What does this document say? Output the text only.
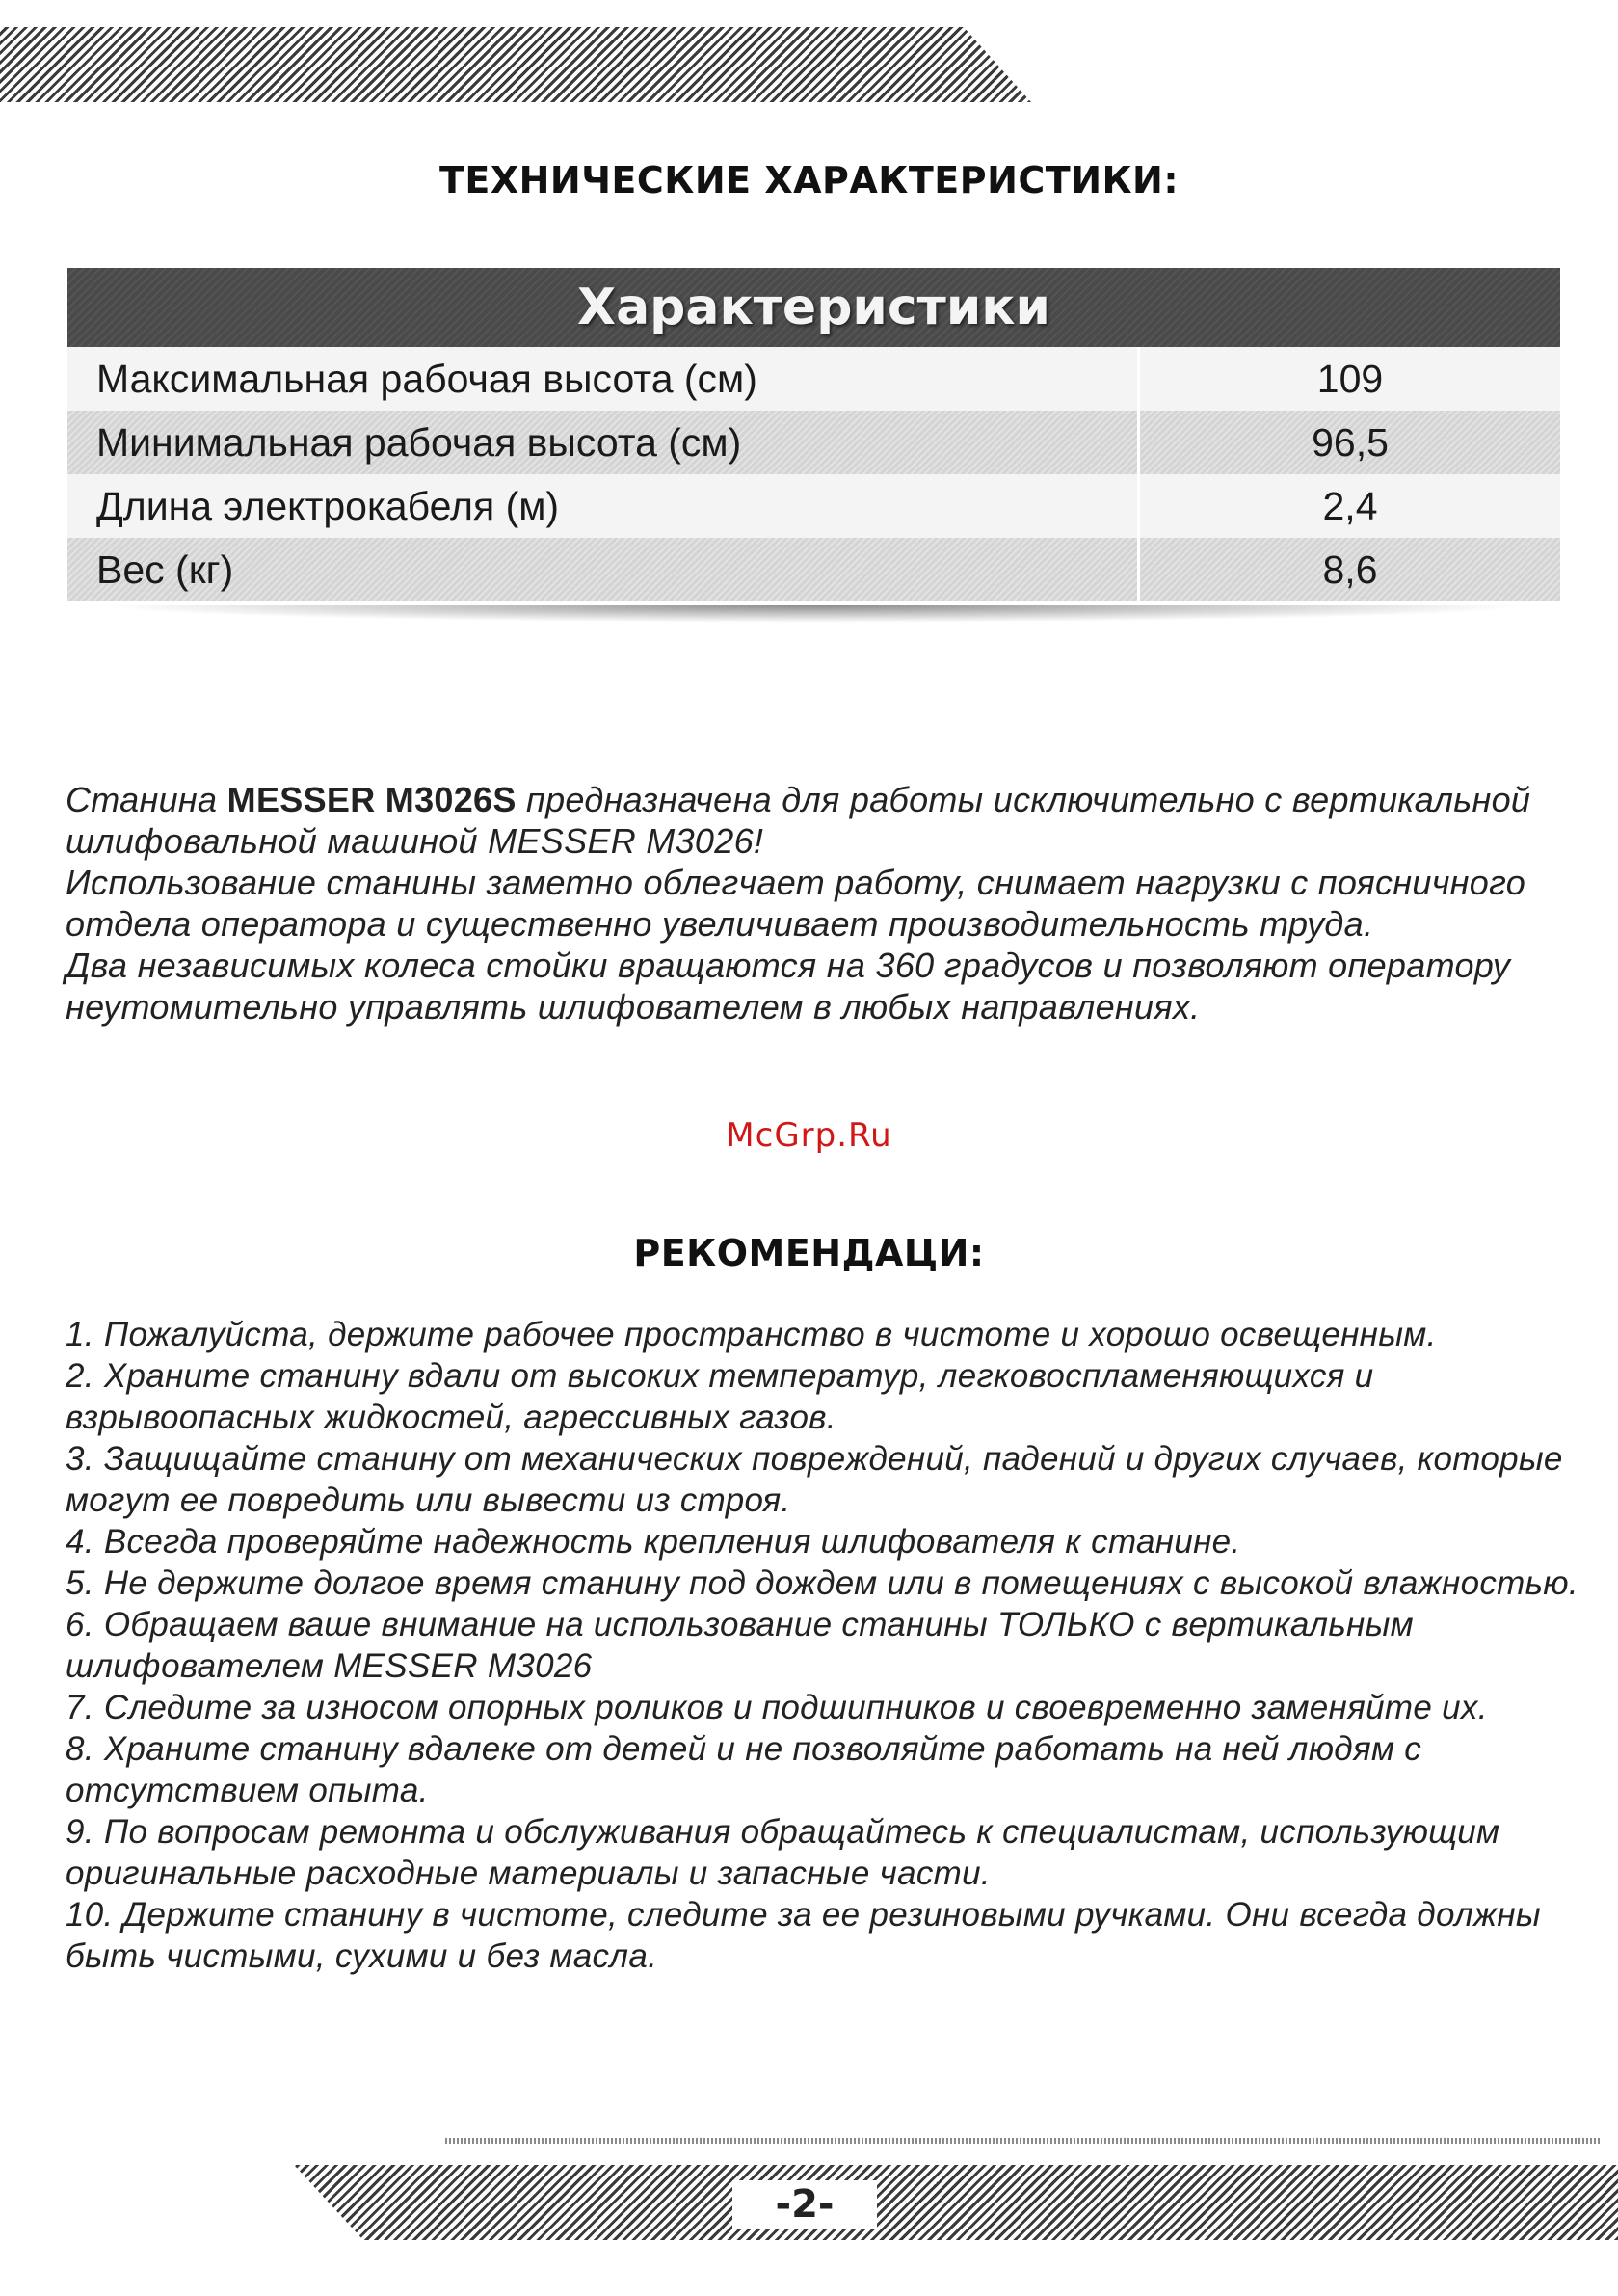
ТЕХНИЧЕСКИЕ ХАРАКТЕРИСТИКИ:
Характеристики	
Максимальная рабочая высота (см)	109
Минимальная рабочая высота (см)	96,5
Длина электрокабеля (м)	2,4
Вес (кг)	8,6

Станина MESSER M3026S предназначена для работы исключительно с вертикальной шлифовальной машиной MESSER M3026!

Использование станины заметно облегчает работу, снимает нагрузки с поясничного отдела оператора и существенно увеличивает производительность труда.

Два независимых колеса стойки вращаются на 360 градусов и позволяют оператору неутомительно управлять шлифователем в любых направлениях.

McGrp.Ru
РЕКОМЕНДАЦИ:
1. Пожалуйста, держите рабочее пространство в чистоте и хорошо освещенным.
2. Храните станину вдали от высоких температур, легковоспламеняющихся и взрывоопасных жидкостей, агрессивных газов.
3. Защищайте станину от механических повреждений, падений и других случаев, которые могут ее повредить или вывести из строя.
4. Всегда проверяйте надежность крепления шлифователя к станине.
5. Не держите долгое время станину под дождем или в помещениях с высокой влажностью.
6. Обращаем ваше внимание на использование станины ТОЛЬКО с вертикальным шлифователем MESSER M3026
7. Следите за износом опорных роликов и подшипников и своевременно заменяйте их.
8. Храните станину вдалеке от детей и не позволяйте работать на ней людям с отсутствием опыта.
9. По вопросам ремонта и обслуживания обращайтесь к специалистам, использующим оригинальные расходные материалы и запасные части.
10. Держите станину в чистоте, следите за ее резиновыми ручками. Они всегда должны быть чистыми, сухими и без масла.
-2-
